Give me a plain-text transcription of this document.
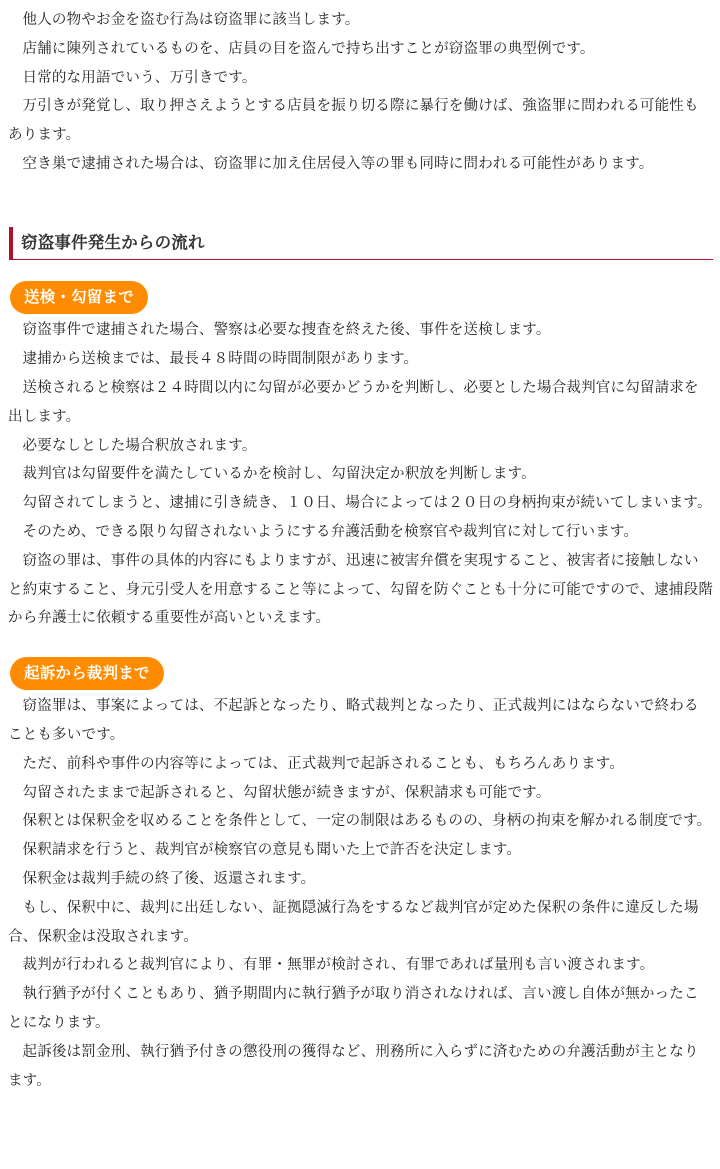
他人の物やお金を盗む行為は窃盗罪に該当します。

店舗に陳列されているものを、店員の目を盗んで持ち出すことが窃盗罪の典型例です。

日常的な用語でいう、万引きです。

万引きが発覚し、取り押さえようとする店員を振り切る際に暴行を働けば、強盗罪に問われる可能性もあります。

空き巣で逮捕された場合は、窃盗罪に加え住居侵入等の罪も同時に問われる可能性があります。

窃盗事件発生からの流れ
送検・勾留まで

窃盗事件で逮捕された場合、警察は必要な捜査を終えた後、事件を送検します。

逮捕から送検までは、最長４８時間の時間制限があります。

送検されると検察は２４時間以内に勾留が必要かどうかを判断し、必要とした場合裁判官に勾留請求を出します。

必要なしとした場合釈放されます。

裁判官は勾留要件を満たしているかを検討し、勾留決定か釈放を判断します。

勾留されてしまうと、逮捕に引き続き、１０日、場合によっては２０日の身柄拘束が続いてしまいます。

そのため、できる限り勾留されないようにする弁護活動を検察官や裁判官に対して行います。

窃盗の罪は、事件の具体的内容にもよりますが、迅速に被害弁償を実現すること、被害者に接触しないと約束すること、身元引受人を用意すること等によって、勾留を防ぐことも十分に可能ですので、逮捕段階から弁護士に依頼する重要性が高いといえます。

起訴から裁判まで

窃盗罪は、事案によっては、不起訴となったり、略式裁判となったり、正式裁判にはならないで終わることも多いです。

ただ、前科や事件の内容等によっては、正式裁判で起訴されることも、もちろんあります。

勾留されたままで起訴されると、勾留状態が続きますが、保釈請求も可能です。

保釈とは保釈金を収めることを条件として、一定の制限はあるものの、身柄の拘束を解かれる制度です。

保釈請求を行うと、裁判官が検察官の意見も聞いた上で許否を決定します。

保釈金は裁判手続の終了後、返還されます。

もし、保釈中に、裁判に出廷しない、証拠隠滅行為をするなど裁判官が定めた保釈の条件に違反した場合、保釈金は没取されます。

裁判が行われると裁判官により、有罪・無罪が検討され、有罪であれば量刑も言い渡されます。

執行猶予が付くこともあり、猶予期間内に執行猶予が取り消されなければ、言い渡し自体が無かったことになります。

起訴後は罰金刑、執行猶予付きの懲役刑の獲得など、刑務所に入らずに済むための弁護活動が主となります。
